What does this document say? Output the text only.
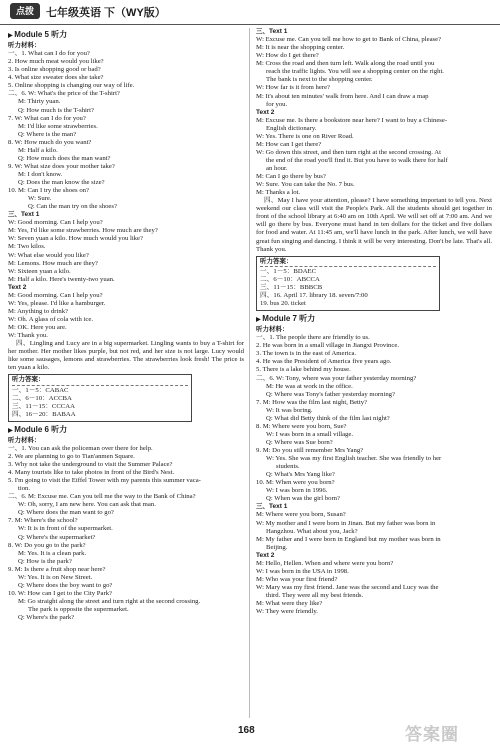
点拨	七年级英语 下（WY版）
▶ Module 5 听力
听力材料：
一、1. What can I do for you?
2. How much meat would you like?
3. Is online shopping good or bad?
4. What size sweater does she take?
5. Online shopping is changing our way of life.
二、6. W: What's the price of the T-shirt?
M: Thirty yuan.
Q: How much is the T-shirt?
7. W: What can I do for you?
M: I'd like some strawberries.
Q: Where is the man?
8. W: How much do you want?
M: Half a kilo.
Q: How much does the man want?
9. W: What size does your mother take?
M: I don't know.
Q: Does the man know the size?
10. M: Can I try the shoes on?
W: Sure.
Q: Can the man try on the shoes?
三、Text 1
W: Good morning. Can I help you?
M: Yes, I'd like some strawberries. How much are they?
W: Seven yuan a kilo. How much would you like?
M: Two kilos.
W: What else would you like?
M: Lemons. How much are they?
W: Sixteen yuan a kilo.
M: Half a kilo. Here's twenty-two yuan.
Text 2
M: Good morning. Can I help you?
W: Yes, please. I'd like a hamburger.
M: Anything to drink?
W: Oh. A glass of cola with ice.
M: OK. Here you are.
W: Thank you.
四、Lingling and Lucy are in a big supermarket. Lingling wants to buy a T-shirt for her mother. Her mother likes purple, but not red, and her size is not large. Lucy would like some sausages, lemons and strawberries. The strawberries look fresh! The price is ten yuan a kilo.
听力答案：
一、1－5：CABAC
二、6－10：ACCBA
三、11－15：CCCAA
四、16－20：BABAA
▶ Module 6 听力
听力材料：
一、1. You can ask the policeman over there for help.
2. We are planning to go to Tian'anmen Square.
3. Why not take the underground to visit the Summer Palace?
4. Many tourists like to take photos in front of the Bird's Nest.
5. I'm going to visit the Eiffel Tower with my parents this summer vaca-
tion.
二、6. M: Excuse me. Can you tell me the way to the Bank of China?
W: Oh, sorry, I am new here. You can ask that man.
Q: Where does the man want to go?
7. M: Where's the school?
W: It is in front of the supermarket.
Q: Where's the supermarket?
8. W: Do you go to the park?
M: Yes. It is a clean park.
Q: How is the park?
9. M: Is there a fruit shop near here?
W: Yes. It is on New Street.
Q: Where does the boy want to go?
10. W: How can I get to the City Park?
M: Go straight along the street and turn right at the second crossing.
The park is opposite the supermarket.
Q: Where's the park?
三、Text 1
W: Excuse me. Can you tell me how to get to Bank of China, please?
M: It is near the shopping center.
W: How do I get there?
M: Cross the road and then turn left. Walk along the road until you
reach the traffic lights. You will see a shopping center on the right.
The bank is next to the shopping center.
W: How far is it from here?
M: It's about ten minutes' walk from here. And I can draw a map
for you.
Text 2
M: Excuse me. Is there a bookstore near here? I want to buy a Chinese-
English dictionary.
W: Yes. There is one on River Road.
M: How can I get there?
W: Go down this street, and then turn right at the second crossing. At
the end of the road you'll find it. But you have to walk there for half
an hour.
M: Can I go there by bus?
W: Sure. You can take the No. 7 bus.
M: Thanks a lot.
四、May I have your attention, please? I have something important to tell you. Next weekend our class will visit the People's Park. All the students should get together in front of the school library at 6:40 am on 10th April. We will set off at 7:00 am. And we will go there by bus. Everyone must hand in ten dollars for the ticket and five dollars for food and water. At 11:45 am, we'll have lunch in the park. After lunch, we will have great fun singing and dancing. I think it will be very interesting. Don't be late. That's all. Thank you.
听力答案：
一、1－5：BDAEC
二、6－10：ABCCA
三、11－15：BBBCB
四、16. April 17. library 18. seven/7:00
19. bus 20. ticket
▶ Module 7 听力
听力材料：
一、1. The people there are friendly to us.
2. He was born in a small village in Jiangxi Province.
3. The town is in the east of America.
4. He was the President of America five years ago.
5. There is a lake behind my house.
二、6. W: Tony, where was your father yesterday morning?
M: He was at work in the office.
Q: Where was Tony's father yesterday morning?
7. M: How was the film last night, Betty?
W: It was boring.
Q: What did Betty think of the film last night?
8. M: Where were you born, Sue?
W: I was born in a small village.
Q: Where was Sue born?
9. M: Do you still remember Mrs Yang?
W: Yes. She was my first English teacher. She was friendly to her
students.
Q: What's Mrs Yang like?
10. M: When were you born?
W: I was born in 1996.
Q: When was the girl born?
三、Text 1
M: Where were you born, Susan?
W: My mother and I were born in Jinan. But my father was born in
Hangzhou. What about you, Jack?
M: My father and I were born in England but my mother was born in
Beijing.
Text 2
M: Hello, Hellen. When and where were you born?
W: I was born in the USA in 1998.
M: Who was your first friend?
W: Mary was my first friend. Jane was the second and Lucy was the
third. They were all my best friends.
M: What were they like?
W: They were friendly.
168	答案圈
